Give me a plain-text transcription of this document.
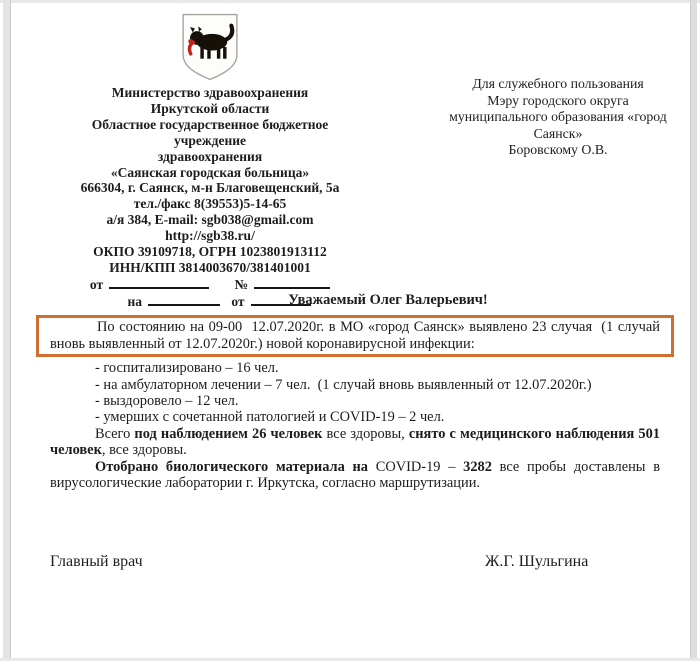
Министерство здравоохранения
Иркутской области
Областное государственное бюджетное учреждение
здравоохранения
«Саянская городская больница»
666304, г. Саянск, м-н Благовещенский, 5а
тел./факс 8(39553)5-14-65
а/я 384, E-mail: sgb038@gmail.com
http://sgb38.ru/
ОКПО 39109718, ОГРН 1023801913112
ИНН/КПП 3814003670/381401001
от	№
на	от
Для служебного пользования
Мэру городского округа
муниципального образования «город Саянск»
Боровскому О.В.
Уважаемый Олег Валерьевич!
По состоянию на 09-00  12.07.2020г. в МО «город Саянск» выявлено 23 случая  (1 случай вновь выявленный от 12.07.2020г.) новой коронавирусной инфекции:
- госпитализировано – 16 чел.
- на амбулаторном лечении – 7 чел.  (1 случай вновь выявленный от 12.07.2020г.)
- выздоровело – 12 чел.
- умерших с сочетанной патологией и COVID-19 – 2 чел.
Всего под наблюдением 26 человек все здоровы, снято с медицинского наблюдения 501 человек, все здоровы.
Отобрано биологического материала на COVID-19 – 3282 все пробы доставлены в вирусологические лаборатории г. Иркутска, согласно маршрутизации.
Главный врач	Ж.Г. Шульгина
